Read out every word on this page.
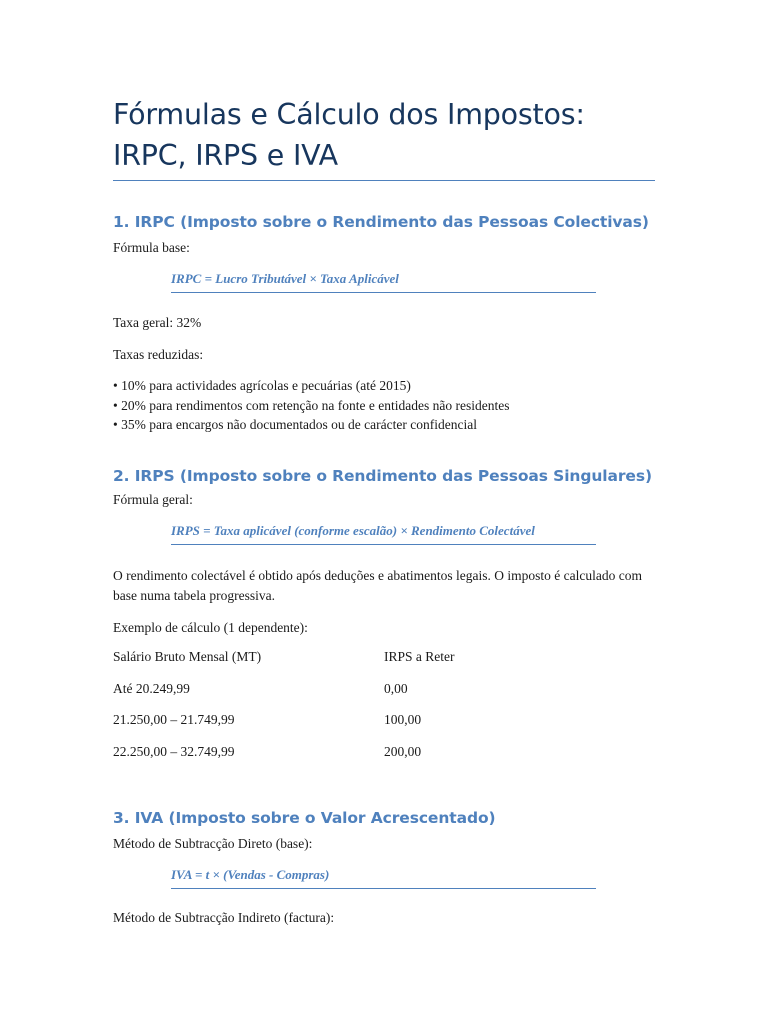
Fórmulas e Cálculo dos Impostos: IRPC, IRPS e IVA
1. IRPC (Imposto sobre o Rendimento das Pessoas Colectivas)
Fórmula base:
IRPC = Lucro Tributável × Taxa Aplicável
Taxa geral: 32%
Taxas reduzidas:
• 10% para actividades agrícolas e pecuárias (até 2015)
• 20% para rendimentos com retenção na fonte e entidades não residentes
• 35% para encargos não documentados ou de carácter confidencial
2. IRPS (Imposto sobre o Rendimento das Pessoas Singulares)
Fórmula geral:
IRPS = Taxa aplicável (conforme escalão) × Rendimento Colectável
O rendimento colectável é obtido após deduções e abatimentos legais. O imposto é calculado com base numa tabela progressiva.
Exemplo de cálculo (1 dependente):
Salário Bruto Mensal (MT)	IRPS a Reter
Até 20.249,99	0,00
21.250,00 – 21.749,99	100,00
22.250,00 – 32.749,99	200,00
3. IVA (Imposto sobre o Valor Acrescentado)
Método de Subtracção Direto (base):
IVA = t × (Vendas - Compras)
Método de Subtracção Indireto (factura):
